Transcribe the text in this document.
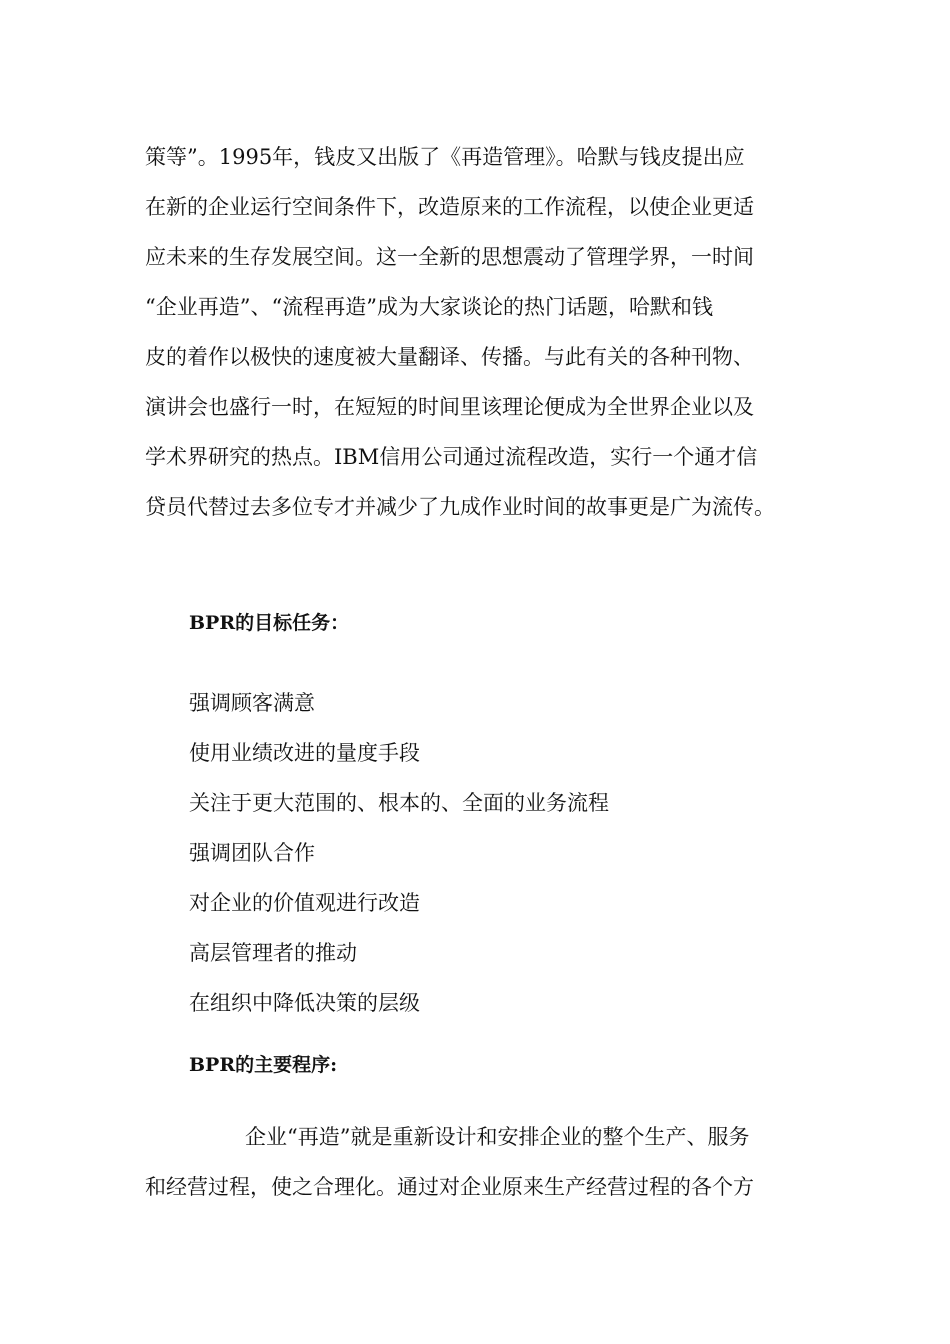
策等”。1995年，钱皮又出版了《再造管理》。哈默与钱皮提出应
在新的企业运行空间条件下，改造原来的工作流程，以使企业更适
应未来的生存发展空间。这一全新的思想震动了管理学界，一时间
“企业再造”、“流程再造”成为大家谈论的热门话题，哈默和钱
皮的着作以极快的速度被大量翻译、传播。与此有关的各种刊物、
演讲会也盛行一时，在短短的时间里该理论便成为全世界企业以及
学术界研究的热点。IBM信用公司通过流程改造，实行一个通才信
贷员代替过去多位专才并减少了九成作业时间的故事更是广为流传。
BPR的目标任务：
强调顾客满意
使用业绩改进的量度手段
关注于更大范围的、根本的、全面的业务流程
强调团队合作
对企业的价值观进行改造
高层管理者的推动
在组织中降低决策的层级
BPR的主要程序:
企业“再造”就是重新设计和安排企业的整个生产、服务
和经营过程，使之合理化。通过对企业原来生产经营过程的各个方
